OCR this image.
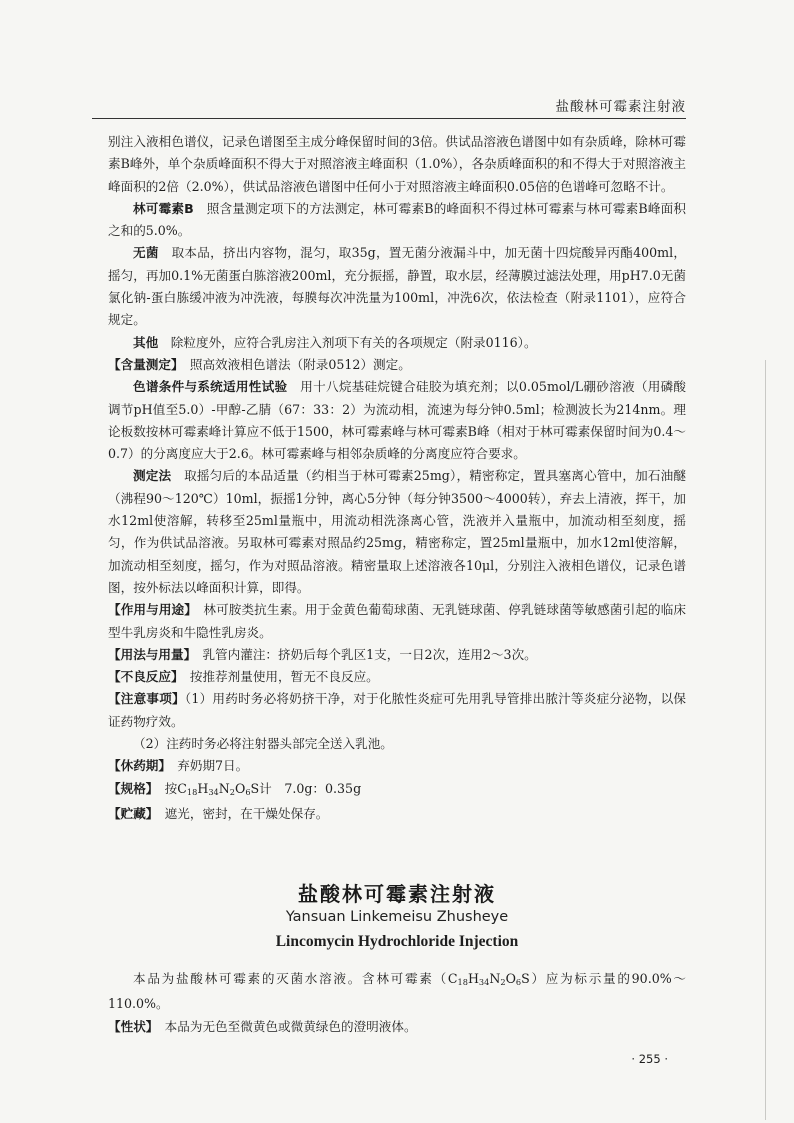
盐酸林可霉素注射液

别注入液相色谱仪，记录色谱图至主成分峰保留时间的3倍。供试品溶液色谱图中如有杂质峰，除林可霉素B峰外，单个杂质峰面积不得大于对照溶液主峰面积（1.0%），各杂质峰面积的和不得大于对照溶液主峰面积的2倍（2.0%），供试品溶液色谱图中任何小于对照溶液主峰面积0.05倍的色谱峰可忽略不计。

林可霉素B　 照含量测定项下的方法测定，林可霉素B的峰面积不得过林可霉素与林可霉素B峰面积之和的5.0%。

无菌　 取本品，挤出内容物，混匀，取35g，置无菌分液漏斗中，加无菌十四烷酸异丙酯400ml，摇匀，再加0.1%无菌蛋白胨溶液200ml，充分振摇，静置，取水层，经薄膜过滤法处理，用pH7.0无菌氯化钠-蛋白胨缓冲液为冲洗液，每膜每次冲洗量为100ml，冲洗6次，依法检查（附录1101），应符合规定。

其他　 除粒度外，应符合乳房注入剂项下有关的各项规定（附录0116）。

【含量测定】　 照高效液相色谱法（附录0512）测定。

色谱条件与系统适用性试验　 用十八烷基硅烷键合硅胶为填充剂；以0.05mol/L硼砂溶液（用磷酸调节pH值至5.0）-甲醇-乙腈（67：33：2）为流动相，流速为每分钟0.5ml；检测波长为214nm。理论板数按林可霉素峰计算应不低于1500，林可霉素峰与林可霉素B峰（相对于林可霉素保留时间为0.4～0.7）的分离度应大于2.6。林可霉素峰与相邻杂质峰的分离度应符合要求。

测定法　 取摇匀后的本品适量（约相当于林可霉素25mg），精密称定，置具塞离心管中，加石油醚（沸程90～120℃）10ml，振摇1分钟，离心5分钟（每分钟3500～4000转），弃去上清液，挥干，加水12ml使溶解，转移至25ml量瓶中，用流动相洗涤离心管，洗液并入量瓶中，加流动相至刻度，摇匀，作为供试品溶液。另取林可霉素对照品约25mg，精密称定，置25ml量瓶中，加水12ml使溶解，加流动相至刻度，摇匀，作为对照品溶液。精密量取上述溶液各10μl，分别注入液相色谱仪，记录色谱图，按外标法以峰面积计算，即得。

【作用与用途】　 林可胺类抗生素。用于金黄色葡萄球菌、无乳链球菌、停乳链球菌等敏感菌引起的临床型牛乳房炎和牛隐性乳房炎。

【用法与用量】　 乳管内灌注：挤奶后每个乳区1支，一日2次，连用2～3次。

【不良反应】　 按推荐剂量使用，暂无不良反应。

【注意事项】（1）用药时务必将奶挤干净，对于化脓性炎症可先用乳导管排出脓汁等炎症分泌物，以保证药物疗效。

（2）注药时务必将注射器头部完全送入乳池。

【休药期】　 弃奶期7日。

【规格】　 按$C_{18}H_{34}N_2O_6S$计　7.0g：0.35g

【贮藏】　 遮光，密封，在干燥处保存。

盐酸林可霉素注射液
Yansuan Linkemeisu Zhusheye
Lincomycin Hydrochloride Injection

本品为盐酸林可霉素的灭菌水溶液。含林可霉素$(C_{18}H_{34}N_2O_6S)$应为标示量的90.0%～110.0%。

【性状】　 本品为无色至微黄色或微黄绿色的澄明液体。

· 255 ·
